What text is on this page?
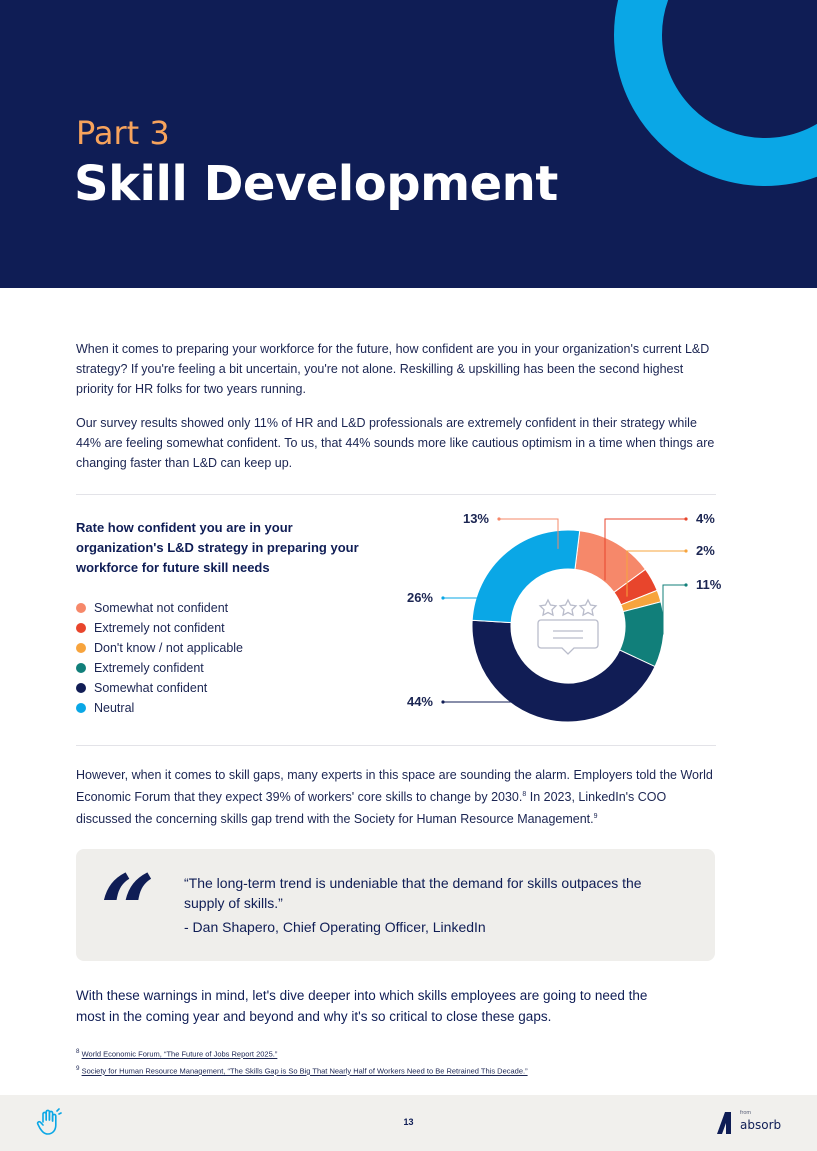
Part 3
Skill Development

When it comes to preparing your workforce for the future, how confident are you in your organization's current L&D strategy? If you're feeling a bit uncertain, you're not alone. Reskilling & upskilling has been the second highest priority for HR folks for two years running.

Our survey results showed only 11% of HR and L&D professionals are extremely confident in their strategy while 44% are feeling somewhat confident. To us, that 44% sounds more like cautious optimism in a time when things are changing faster than L&D can keep up.

Rate how confident you are in your organization's L&D strategy in preparing your workforce for future skill needs
Somewhat not confident
Extremely not confident
Don't know / not applicable
Extremely confident
Somewhat confident
Neutral
13%	4%
2%
11%
44%
26%

However, when it comes to skill gaps, many experts in this space are sounding the alarm. Employers told the World Economic Forum that they expect 39% of workers' core skills to change by 2030.$^8$ In 2023, LinkedIn's COO discussed the concerning skills gap trend with the Society for Human Resource Management.$^9$

“ “The long-term trend is undeniable that the demand for skills outpaces the supply of skills.”

- Dan Shapero, Chief Operating Officer, LinkedIn

With these warnings in mind, let's dive deeper into which skills employees are going to need the most in the coming year and beyond and why it's so critical to close these gaps.

$^8$ World Economic Forum, “The Future of Jobs Report 2025.”
$^9$ Society for Human Resource Management, “The Skills Gap is So Big That Nearly Half of Workers Need to Be Retrained This Decade.”
13
from
absorb
